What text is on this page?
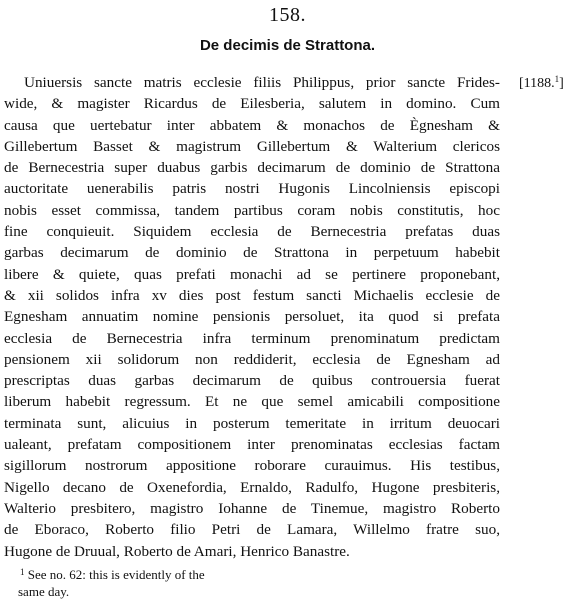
158.
De decimis de Strattona.
[1188.$^1$]
Uniuersis sancte matris ecclesie filiis Philippus, prior sancte Frides-
wide, & magister Ricardus de Eilesberia, salutem in domino. Cum
causa que uertebatur inter abbatem & monachos de Ègnesham &
Gillebertum Basset & magistrum Gillebertum & Walterium clericos
de Bernecestria super duabus garbis decimarum de dominio de Strattona
auctoritate uenerabilis patris nostri Hugonis Lincolniensis episcopi
nobis esset commissa, tandem partibus coram nobis constitutis, hoc
fine conquieuit. Siquidem ecclesia de Bernecestria prefatas duas
garbas decimarum de dominio de Strattona in perpetuum habebit
libere & quiete, quas prefati monachi ad se pertinere proponebant,
& xii solidos infra xv dies post festum sancti Michaelis ecclesie de
Egnesham annuatim nomine pensionis persoluet, ita quod si prefata
ecclesia de Bernecestria infra terminum prenominatum predictam
pensionem xii solidorum non reddiderit, ecclesia de Egnesham ad
prescriptas duas garbas decimarum de quibus controuersia fuerat
liberum habebit regressum. Et ne que semel amicabili compositione
terminata sunt, alicuius in posterum temeritate in irritum deuocari
ualeant, prefatam compositionem inter prenominatas ecclesias factam
sigillorum nostrorum appositione roborare curauimus. His testibus,
Nigello decano de Oxenefordia, Ernaldo, Radulfo, Hugone presbiteris,
Walterio presbitero, magistro Iohanne de Tinemue, magistro Roberto
de Eboraco, Roberto filio Petri de Lamara, Willelmo fratre suo,
Hugone de Druual, Roberto de Amari, Henrico Banastre.
$^1$ See no. 62: this is evidently of the
same day.
